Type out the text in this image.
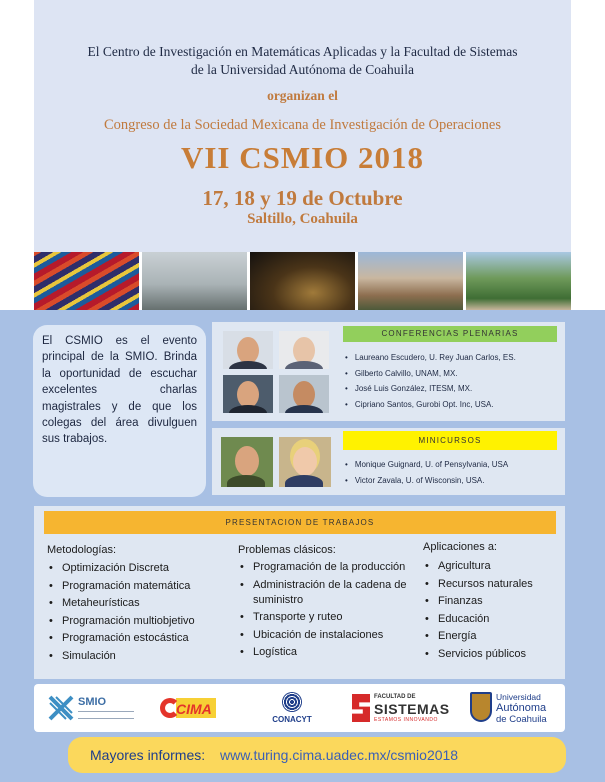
El Centro de Investigación en Matemáticas Aplicadas y la Facultad de Sistemas
de la Universidad Autónoma de Coahuila
organizan el
Congreso de la Sociedad Mexicana de Investigación de Operaciones
VII CSMIO 2018
17, 18 y 19 de Octubre
Saltillo, Coahuila
El CSMIO es el evento principal de la SMIO. Brinda la oportunidad de escuchar excelentes charlas magistrales y de que los colegas del área divulguen sus trabajos.
CONFERENCIAS PLENARIAS
• Laureano Escudero, U. Rey Juan Carlos, ES.
• Gilberto Calvillo, UNAM, MX.
• José Luis González, ITESM, MX.
• Cipriano Santos, Gurobi Opt. Inc, USA.
MINICURSOS
• Monique Guignard, U. of Pensylvania, USA
• Victor Zavala, U. of Wisconsin, USA.
PRESENTACION DE TRABAJOS
Metodologías:
• Optimización Discreta
• Programación matemática
• Metaheurísticas
• Programación multiobjetivo
• Programación estocástica
• Simulación
Problemas clásicos:
• Programación de la producción
• Administración de la cadena de suministro
• Transporte y ruteo
• Ubicación de instalaciones
• Logística
Aplicaciones a:
• Agricultura
• Recursos naturales
• Finanzas
• Educación
• Energía
• Servicios públicos
SMIO	CIMA
CONACYT
FACULTAD DE
SISTEMAS
ESTAMOS INNOVANDO
Universidad
Autónoma
de Coahuila
Mayores informes: www.turing.cima.uadec.mx/csmio2018
